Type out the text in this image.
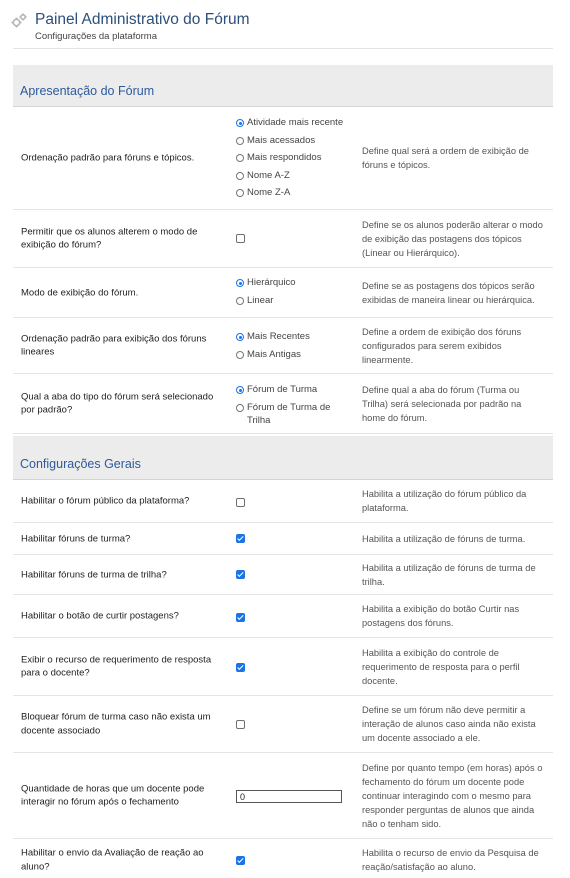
Painel Administrativo do Fórum
Configurações da plataforma
Apresentação do Fórum
Ordenação padrão para fóruns e tópicos.
Atividade mais recente
Mais acessados
Mais respondidos
Nome A-Z
Nome Z-A
Define qual será a ordem de exibição de fóruns e tópicos.
Permitir que os alunos alterem o modo de exibição do fórum?
Define se os alunos poderão alterar o modo de exibição das postagens dos tópicos (Linear ou Hierárquico).
Modo de exibição do fórum.
Hierárquico
Linear
Define se as postagens dos tópicos serão exibidas de maneira linear ou hierárquica.
Ordenação padrão para exibição dos fóruns lineares
Mais Recentes
Mais Antigas
Define a ordem de exibição dos fóruns configurados para serem exibidos linearmente.
Qual a aba do tipo do fórum será selecionado por padrão?
Fórum de Turma
Fórum de Turma de Trilha
Define qual a aba do fórum (Turma ou Trilha) será selecionada por padrão na home do fórum.
Configurações Gerais
Habilitar o fórum público da plataforma?
Habilita a utilização do fórum público da plataforma.
Habilitar fóruns de turma?	Habilita a utilização de fóruns de turma.
Habilitar fóruns de turma de trilha?
Habilita a utilização de fóruns de turma de trilha.
Habilitar o botão de curtir postagens?
Habilita a exibição do botão Curtir nas postagens dos fóruns.
Exibir o recurso de requerimento de resposta para o docente?
Habilita a exibição do controle de requerimento de resposta para o perfil docente.
Bloquear fórum de turma caso não exista um docente associado
Define se um fórum não deve permitir a interação de alunos caso ainda não exista um docente associado a ele.
Quantidade de horas que um docente pode interagir no fórum após o fechamento
0
Define por quanto tempo (em horas) após o fechamento do fórum um docente pode continuar interagindo com o mesmo para responder perguntas de alunos que ainda não o tenham sido.
Habilitar o envio da Avaliação de reação ao aluno?
Habilita o recurso de envio da Pesquisa de reação/satisfação ao aluno.
